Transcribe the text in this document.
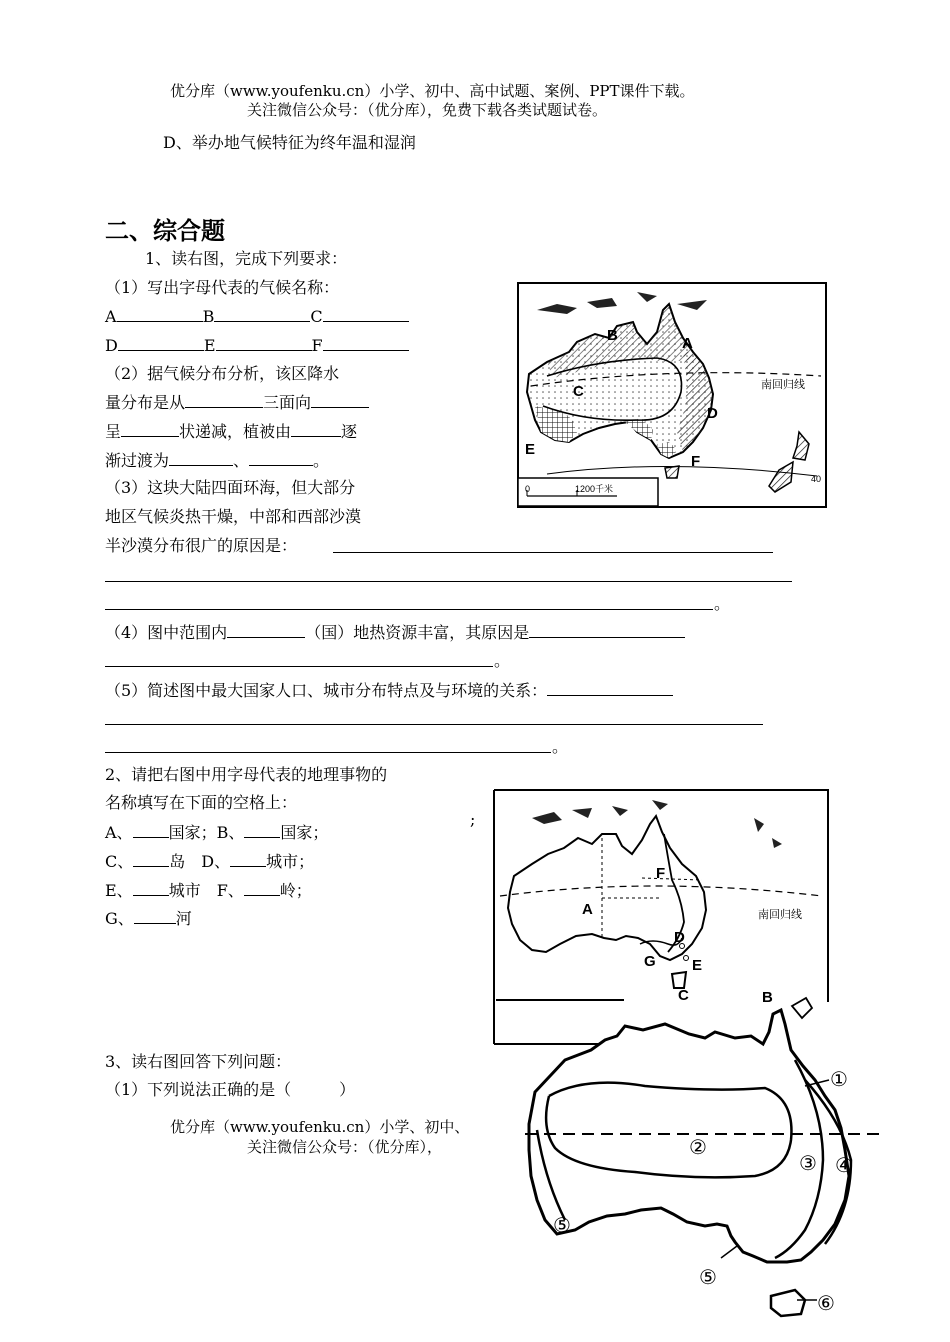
优分库（www.youfenku.cn）小学、初中、高中试题、案例、PPT课件下载。
关注微信公众号：（优分库），免费下载各类试题试卷。
D、举办地气候特征为终年温和湿润
二、综合题
1、读右图，完成下列要求：
（1）写出字母代表的气候名称：
A	B	C
D	E	F
（2）据气候分布分析，该区降水
量分布是从	三面向
呈	状递减，植被由	逐
渐过渡为	、	。
（3）这块大陆四面环海，但大部分
地区气候炎热干燥，中部和西部沙漠
半沙漠分布很广的原因是：
。
（4）图中范围内	（国）地热资源丰富，其原因是
。
（5）简述图中最大国家人口、城市分布特点及与环境的关系：
。
A
B
C
D
E
F
南回归线
40
0	1200千米
2、请把右图中用字母代表的地理事物的
名称填写在下面的空格上：
;
A、 国家；B、 国家；
C、 岛　D、 城市；
E、 城市　F、 岭；
G、	河	A
B
C
D
E
F
G
南回归线
3、读右图回答下列问题：
（1）下列说法正确的是（　　　）
优分库（www.youfenku.cn）小学、初中、
关注微信公众号：（优分库），
①
②
③ ④
⑤
⑤
⑥
